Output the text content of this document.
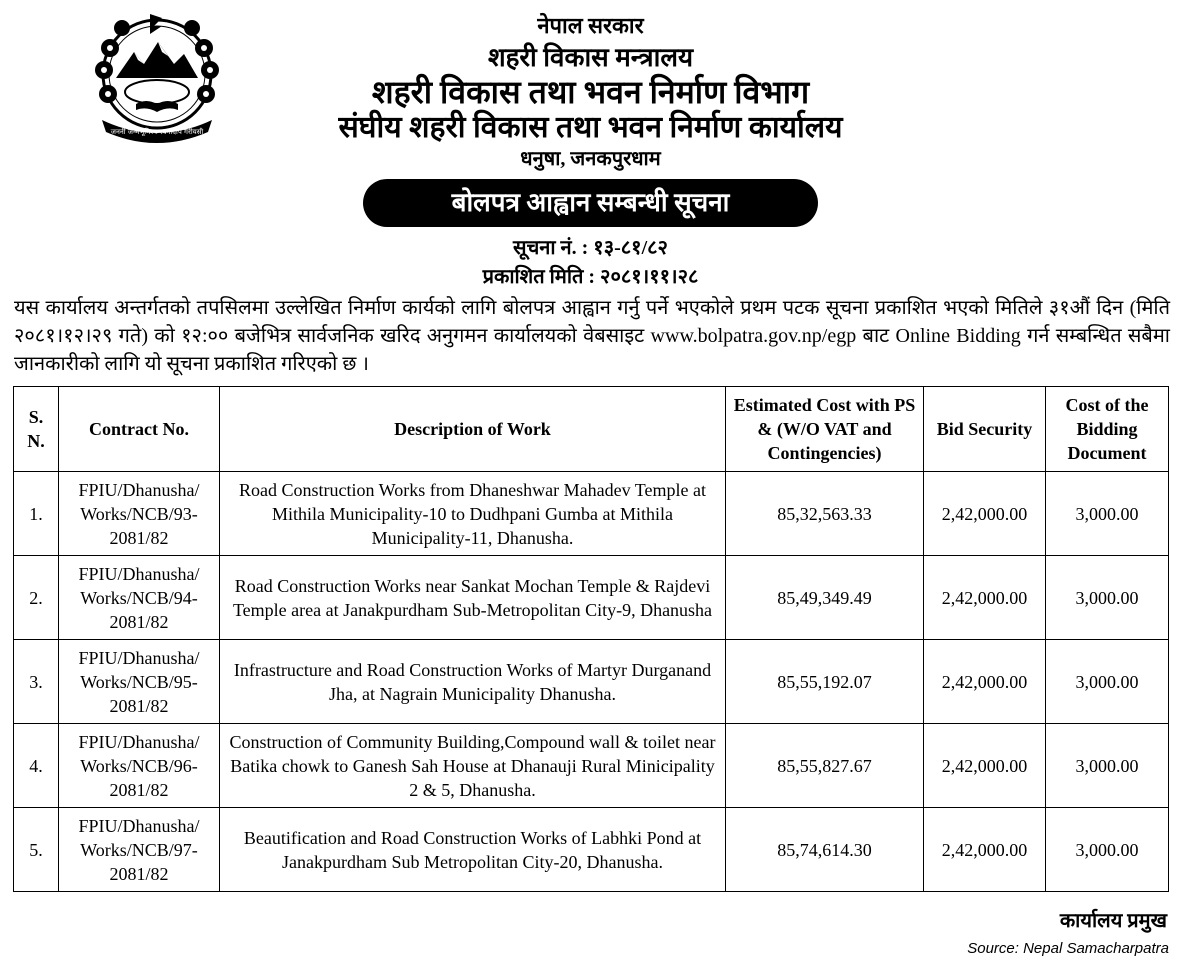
जननी जन्मभूमिश्च स्वर्गादपि गरीयसी
नेपाल सरकार
शहरी विकास मन्त्रालय
शहरी विकास तथा भवन निर्माण विभाग
संघीय शहरी विकास तथा भवन निर्माण कार्यालय
धनुषा, जनकपुरधाम
बोलपत्र आह्वान सम्बन्धी सूचना
सूचना नं. : १३-८१/८२
प्रकाशित मिति : २०८१।११।२८
यस कार्यालय अन्तर्गतको तपसिलमा उल्लेखित निर्माण कार्यको लागि बोलपत्र आह्वान गर्नु पर्ने भएकोले प्रथम पटक सूचना प्रकाशित भएको मितिले ३१औं दिन (मिति २०८१।१२।२९ गते) को १२:०० बजेभित्र सार्वजनिक खरिद अनुगमन कार्यालयको वेबसाइट www.bolpatra.gov.np/egp बाट Online Bidding गर्न सम्बन्धित सबैमा जानकारीको लागि यो सूचना प्रकाशित गरिएको छ ।
S. N.	Contract No.	Description of Work	Estimated Cost with PS & (W/O VAT and Contingencies)	Bid Security	Cost of the Bidding Document
1.	FPIU/Dhanusha/ Works/NCB/93- 2081/82	Road Construction Works from Dhaneshwar Mahadev Temple at Mithila Municipality-10 to Dudhpani Gumba at Mithila Municipality-11, Dhanusha.	85,32,563.33	2,42,000.00	3,000.00
2.	FPIU/Dhanusha/ Works/NCB/94- 2081/82	Road Construction Works near Sankat Mochan Temple & Rajdevi Temple area at Janakpurdham Sub-Metropolitan City-9, Dhanusha	85,49,349.49	2,42,000.00	3,000.00
3.	FPIU/Dhanusha/ Works/NCB/95- 2081/82	Infrastructure and Road Construction Works of Martyr Durganand Jha, at Nagrain Municipality Dhanusha.	85,55,192.07	2,42,000.00	3,000.00
4.	FPIU/Dhanusha/ Works/NCB/96- 2081/82	Construction of Community Building,Compound wall & toilet near Batika chowk to Ganesh Sah House at Dhanauji Rural Minicipality 2 & 5, Dhanusha.	85,55,827.67	2,42,000.00	3,000.00
5.	FPIU/Dhanusha/ Works/NCB/97- 2081/82	Beautification and Road Construction Works of Labhki Pond at Janakpurdham Sub Metropolitan City-20, Dhanusha.	85,74,614.30	2,42,000.00	3,000.00
कार्यालय प्रमुख
Source: Nepal Samacharpatra
